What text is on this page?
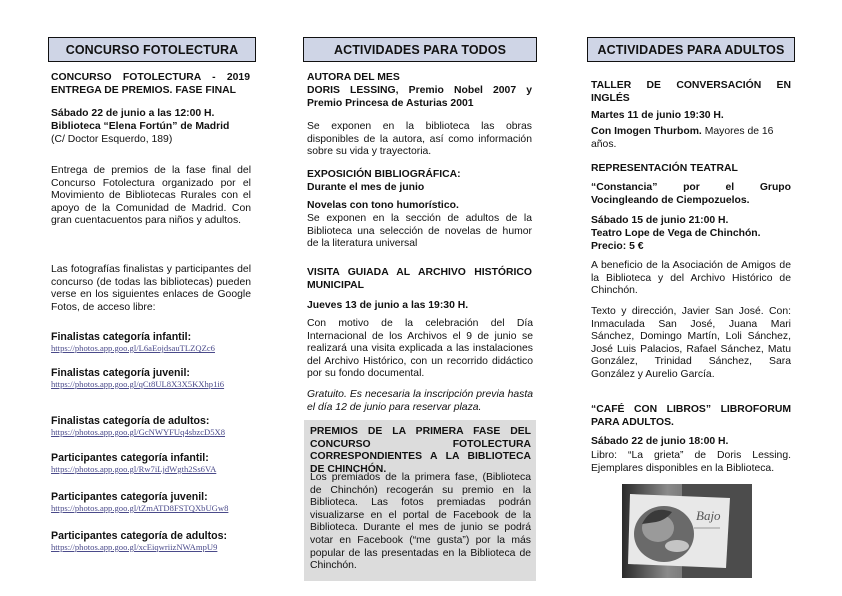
CONCURSO FOTOLECTURA

CONCURSO FOTOLECTURA - 2019 ENTREGA DE PREMIOS. FASE FINAL

Sábado 22 de junio a las 12:00 H.

Biblioteca “Elena Fortún” de Madrid

(C/ Doctor Esquerdo, 189)

Entrega de premios de la fase final del Concurso Fotolectura organizado por el Movimiento de Bibliotecas Rurales con el apoyo de la Comunidad de Madrid. Con gran cuentacuentos para niños y adultos.

Las fotografías finalistas y participantes del concurso (de todas las bibliotecas) pueden verse en los siguientes enlaces de Google Fotos, de acceso libre:

Finalistas categoría infantil:
https://photos.app.goo.gl/L6aEojdsauTLZQZc6
Finalistas categoría juvenil:
https://photos.app.goo.gl/qCt8UL8X3X5KXhp1i6
Finalistas categoría de adultos:
https://photos.app.goo.gl/GcNWYFUq4sbzcD5X8
Participantes categoría infantil:
https://photos.app.goo.gl/Rw7iLjdWgth2Ss6VA
Participantes categoría juvenil:
https://photos.app.goo.gl/tZmATD8FSTQXbUGw8
Participantes categoría de adultos:
https://photos.app.goo.gl/xcEiqwriizNWAmpU9
ACTIVIDADES PARA TODOS

AUTORA DEL MES

DORIS LESSING, Premio Nobel 2007 y Premio Princesa de Asturias 2001

Se exponen en la biblioteca las obras disponibles de la autora, así como información sobre su vida y trayectoria.

EXPOSICIÓN BIBLIOGRÁFICA:

Durante el mes de junio

Novelas con tono humorístico.

Se exponen en la sección de adultos de la Biblioteca una selección de novelas de humor de la literatura universal

VISITA GUIADA AL ARCHIVO HISTÓRICO MUNICIPAL

Jueves 13 de junio a las 19:30 H.

Con motivo de la celebración del Día Internacional de los Archivos el 9 de junio se realizará una visita explicada a las instalaciones del Archivo Histórico, con un recorrido didáctico por su fondo documental.

Gratuito. Es necesaria la inscripción previa hasta el día 12 de junio para reservar plaza.

PREMIOS DE LA PRIMERA FASE DEL CONCURSO FOTOLECTURA CORRESPONDIENTES A LA BIBLIOTECA DE CHINCHÓN.

Los premiados de la primera fase, (Biblioteca de Chinchón) recogerán su premio en la Biblioteca. Las fotos premiadas podrán visualizarse en el portal de Facebook de la Biblioteca. Durante el mes de junio se podrá votar en Facebook (“me gusta”) por la más popular de las presentadas en la Biblioteca de Chinchón.

ACTIVIDADES PARA ADULTOS

TALLER DE CONVERSACIÓN EN INGLÉS

Martes 11 de junio 19:30 H.

Con Imogen Thurbom. Mayores de 16 años.

REPRESENTACIÓN TEATRAL

“Constancia” por el Grupo Vocingleando de Ciempozuelos.

Sábado 15 de junio 21:00 H.

Teatro Lope de Vega de Chinchón.

Precio: 5 €

A beneficio de la Asociación de Amigos de la Biblioteca y del Archivo Histórico de Chinchón.

Texto y dirección, Javier San José. Con: Inmaculada San José, Juana Mari Sánchez, Domingo Martín, Loli Sánchez, José Luis Palacios, Rafael Sánchez, Matu González, Trinidad Sánchez, Sara González y Aurelio García.

“CAFÉ CON LIBROS” LIBROFORUM PARA ADULTOS.

Sábado 22 de junio 18:00 H.

Libro: “La grieta” de Doris Lessing. Ejemplares disponibles en la Biblioteca.

Bajo
